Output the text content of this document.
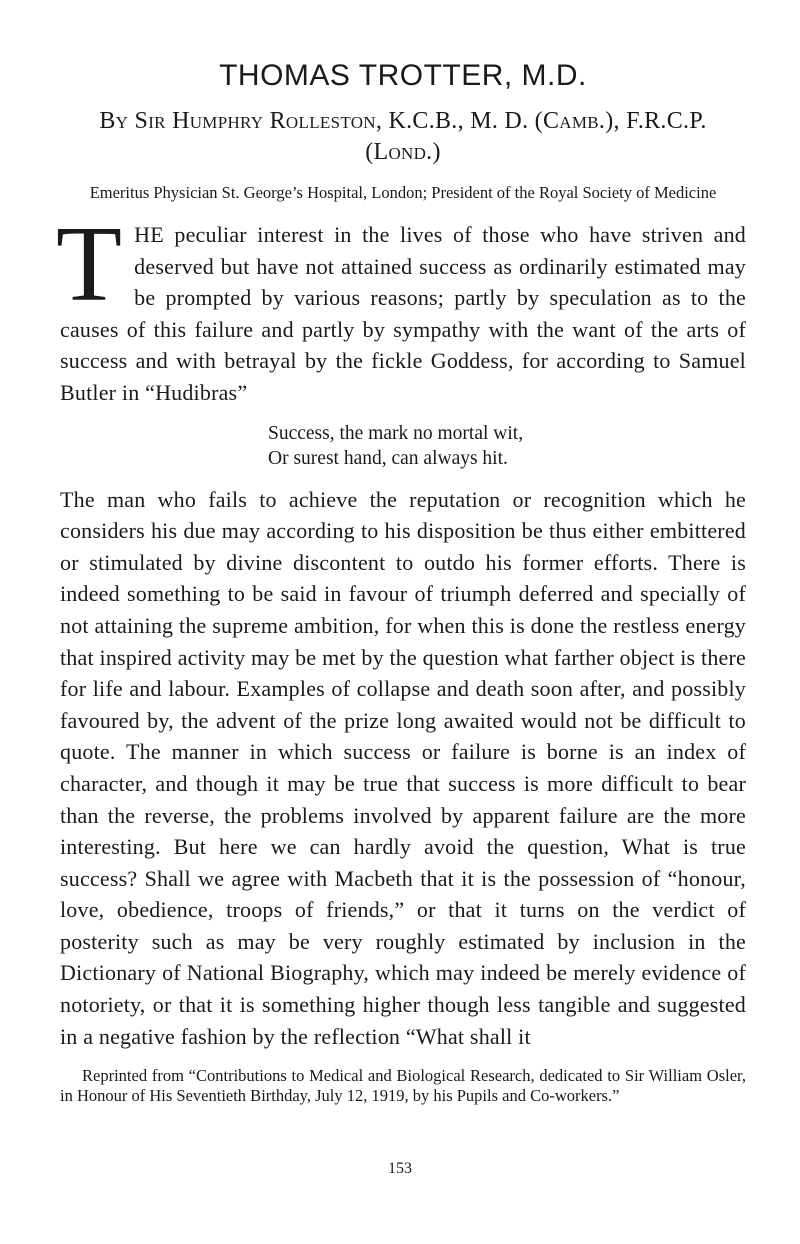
THOMAS TROTTER, M.D.
By Sir Humphry Rolleston, K.C.B., M. D. (Camb.), F.R.C.P.
(Lond.)
Emeritus Physician St. George’s Hospital, London; President of the Royal Society of Medicine

THE peculiar interest in the lives of those who have striven and deserved but have not attained success as ordinarily estimated may be prompted by various reasons; partly by speculation as to the causes of this failure and partly by sympathy with the want of the arts of success and with betrayal by the fickle Goddess, for according to Samuel Butler in “Hudibras”

Success, the mark no mortal wit,
Or surest hand, can always hit.

The man who fails to achieve the reputation or recognition which he considers his due may according to his disposition be thus either embittered or stimulated by divine discontent to outdo his former efforts. There is indeed something to be said in favour of triumph deferred and specially of not attaining the supreme ambition, for when this is done the restless energy that inspired activity may be met by the question what farther object is there for life and labour. Examples of collapse and death soon after, and possibly favoured by, the advent of the prize long awaited would not be difficult to quote. The manner in which success or failure is borne is an index of character, and though it may be true that success is more difficult to bear than the reverse, the problems involved by apparent failure are the more interesting. But here we can hardly avoid the question, What is true success? Shall we agree with Macbeth that it is the possession of “honour, love, obedience, troops of friends,” or that it turns on the verdict of posterity such as may be very roughly estimated by inclusion in the Dictionary of National Biography, which may indeed be merely evidence of notoriety, or that it is something higher though less tangible and suggested in a negative fashion by the reflection “What shall it

Reprinted from “Contributions to Medical and Biological Research, dedicated to Sir William Osler, in Honour of His Seventieth Birthday, July 12, 1919, by his Pupils and Co-workers.”

153
